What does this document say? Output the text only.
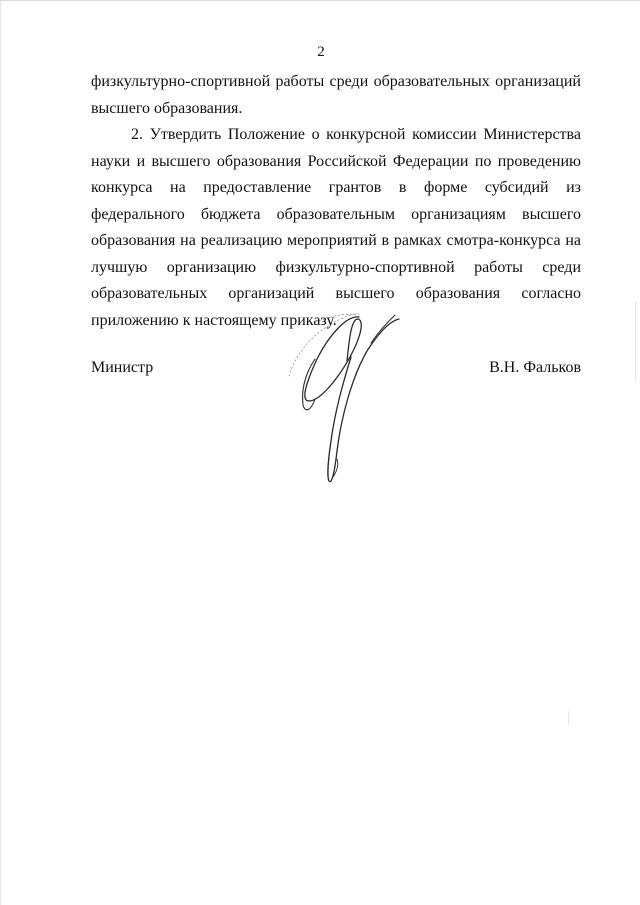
2

физкультурно-спортивной работы среди образовательных организаций высшего образования.

2. Утвердить Положение о конкурсной комиссии Министерства науки и высшего образования Российской Федерации по проведению конкурса на предоставление грантов в форме субсидий из федерального бюджета образовательным организациям высшего образования на реализацию мероприятий в рамках смотра-конкурса на лучшую организацию физкультурно-спортивной работы среди образовательных организаций высшего образования согласно приложению к настоящему приказу.

Министр	В.Н. Фальков
